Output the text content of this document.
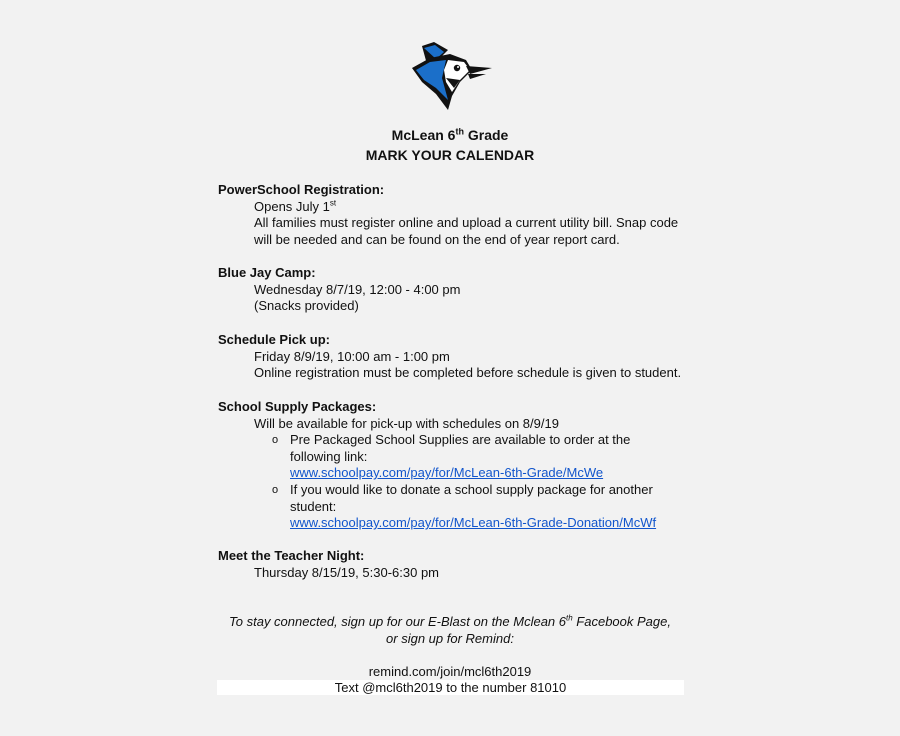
McLean 6th Grade
MARK YOUR CALENDAR
PowerSchool Registration:
Opens July 1st
All families must register online and upload a current utility bill. Snap code
will be needed and can be found on the end of year report card.
Blue Jay Camp:
Wednesday 8/7/19, 12:00 - 4:00 pm
(Snacks provided)
Schedule Pick up:
Friday 8/9/19, 10:00 am - 1:00 pm
Online registration must be completed before schedule is given to student.
School Supply Packages:
Will be available for pick-up with schedules on 8/9/19
o Pre Packaged School Supplies are available to order at the
following link:
www.schoolpay.com/pay/for/McLean-6th-Grade/McWe
o If you would like to donate a school supply package for another
student:
www.schoolpay.com/pay/for/McLean-6th-Grade-Donation/McWf
Meet the Teacher Night:
Thursday 8/15/19, 5:30-6:30 pm
To stay connected, sign up for our E-Blast on the Mclean 6th Facebook Page,
or sign up for Remind:
remind.com/join/mcl6th2019
Text @mcl6th2019 to the number 81010
